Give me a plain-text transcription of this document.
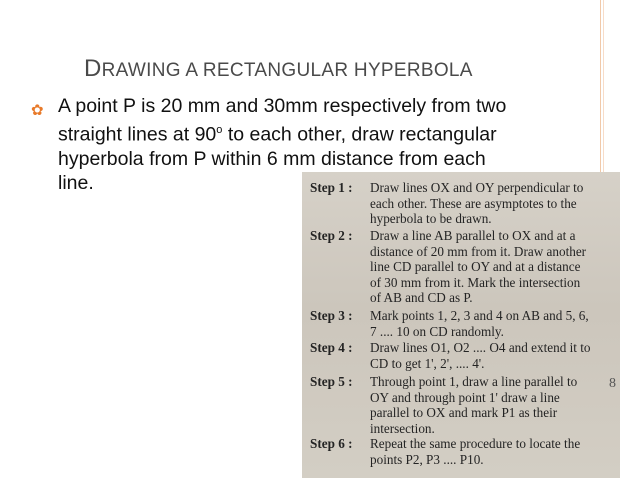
DRAWING A RECTANGULAR HYPERBOLA
✿ A point P is 20 mm and 30mm respectively from two
straight lines at 90$^o$ to each other, draw rectangular
hyperbola from P within 6 mm distance from each
line.	Step 1 :	Draw lines OX and OY perpendicular to
each other. These are asymptotes to the
hyperbola to be drawn.
Step 2 :	Draw a line AB parallel to OX and at a
distance of 20 mm from it. Draw another
line CD parallel to OY and at a distance
of 30 mm from it. Mark the intersection
of AB and CD as P.
Step 3 :	Mark points 1, 2, 3 and 4 on AB and 5, 6,
7 .... 10 on CD randomly.
Step 4 :	Draw lines O1, O2 .... O4 and extend it to
CD to get 1', 2', .... 4'.
Step 5 :	Through point 1, draw a line parallel to
OY and through point 1' draw a line
parallel to OX and mark P1 as their
intersection.
Step 6 :	Repeat the same procedure to locate the
points P2, P3 .... P10.
8
